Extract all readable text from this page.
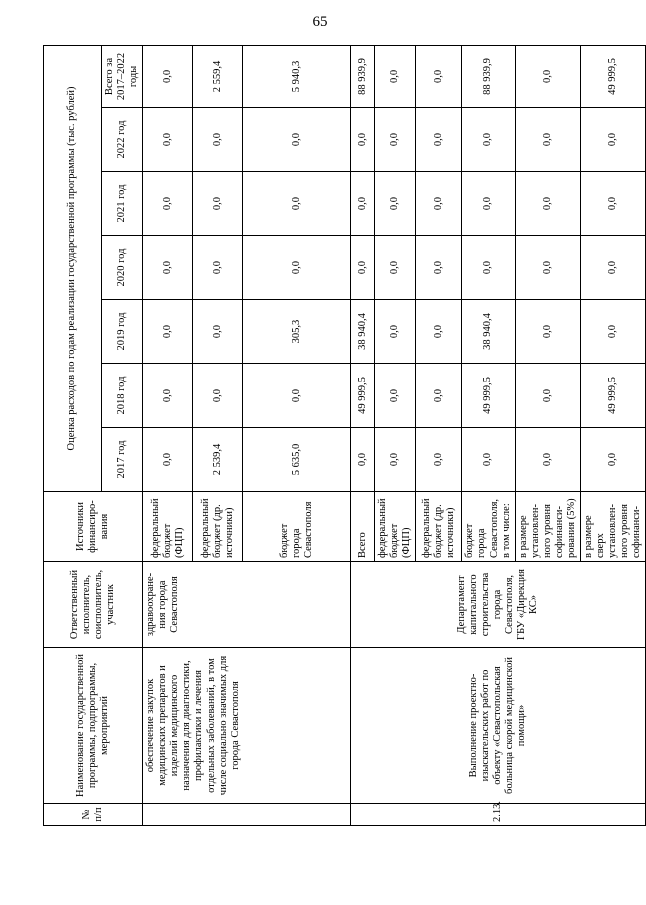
65
№ п/п	Наименование государственной программы, подпрограммы, мероприятий	Ответственный исполнитель, соисполнитель, участник	Источники финансиро-вания	Оценка расходов по годам реализации государственной программы (тыс. рублей)						
				2017 год	2018 год	2019 год	2020 год	2021 год	2022 год	Всего за 2017–2022 годы
	обеспечение закупок медицинских препаратов и изделий медицинского назначения для диагностики, профилактики и лечения отдельных заболеваний, в том числе социально значимых для города Севастополя	здравоохране-ния города Севастополя	федеральный бюджет (ФЦП)	0,0	0,0	0,0	0,0	0,0	0,0	0,0
			федеральный бюджет (др. источники)	2 539,4	0,0	0,0	0,0	0,0	0,0	2 559,4
			бюджет города Севастополя	5 635,0	0,0	305,3	0,0	0,0	0,0	5 940,3
2.13.	Выполнение проектно-изыскательских работ по объекту «Севастопольская больница скорой медицинской помощи»	Департамент капитального строительства города Севастополя, ГБУ «Дирекция КС»	Всего	0,0	49 999,5	38 940,4	0,0	0,0	0,0	88 939,9
			федеральный бюджет (ФЦП)	0,0	0,0	0,0	0,0	0,0	0,0	0,0
			федеральный бюджет (др. источники)	0,0	0,0	0,0	0,0	0,0	0,0	0,0
			бюджет города Севастополя, в том числе:	0,0	49 999,5	38 940,4	0,0	0,0	0,0	88 939,9
			в размере установлен-ного уровня софинанси-рования (5%)	0,0	0,0	0,0	0,0	0,0	0,0	0,0
			в размере сверх установлен-ного уровня софинанси-	0,0	49 999,5	0,0	0,0	0,0	0,0	49 999,5
